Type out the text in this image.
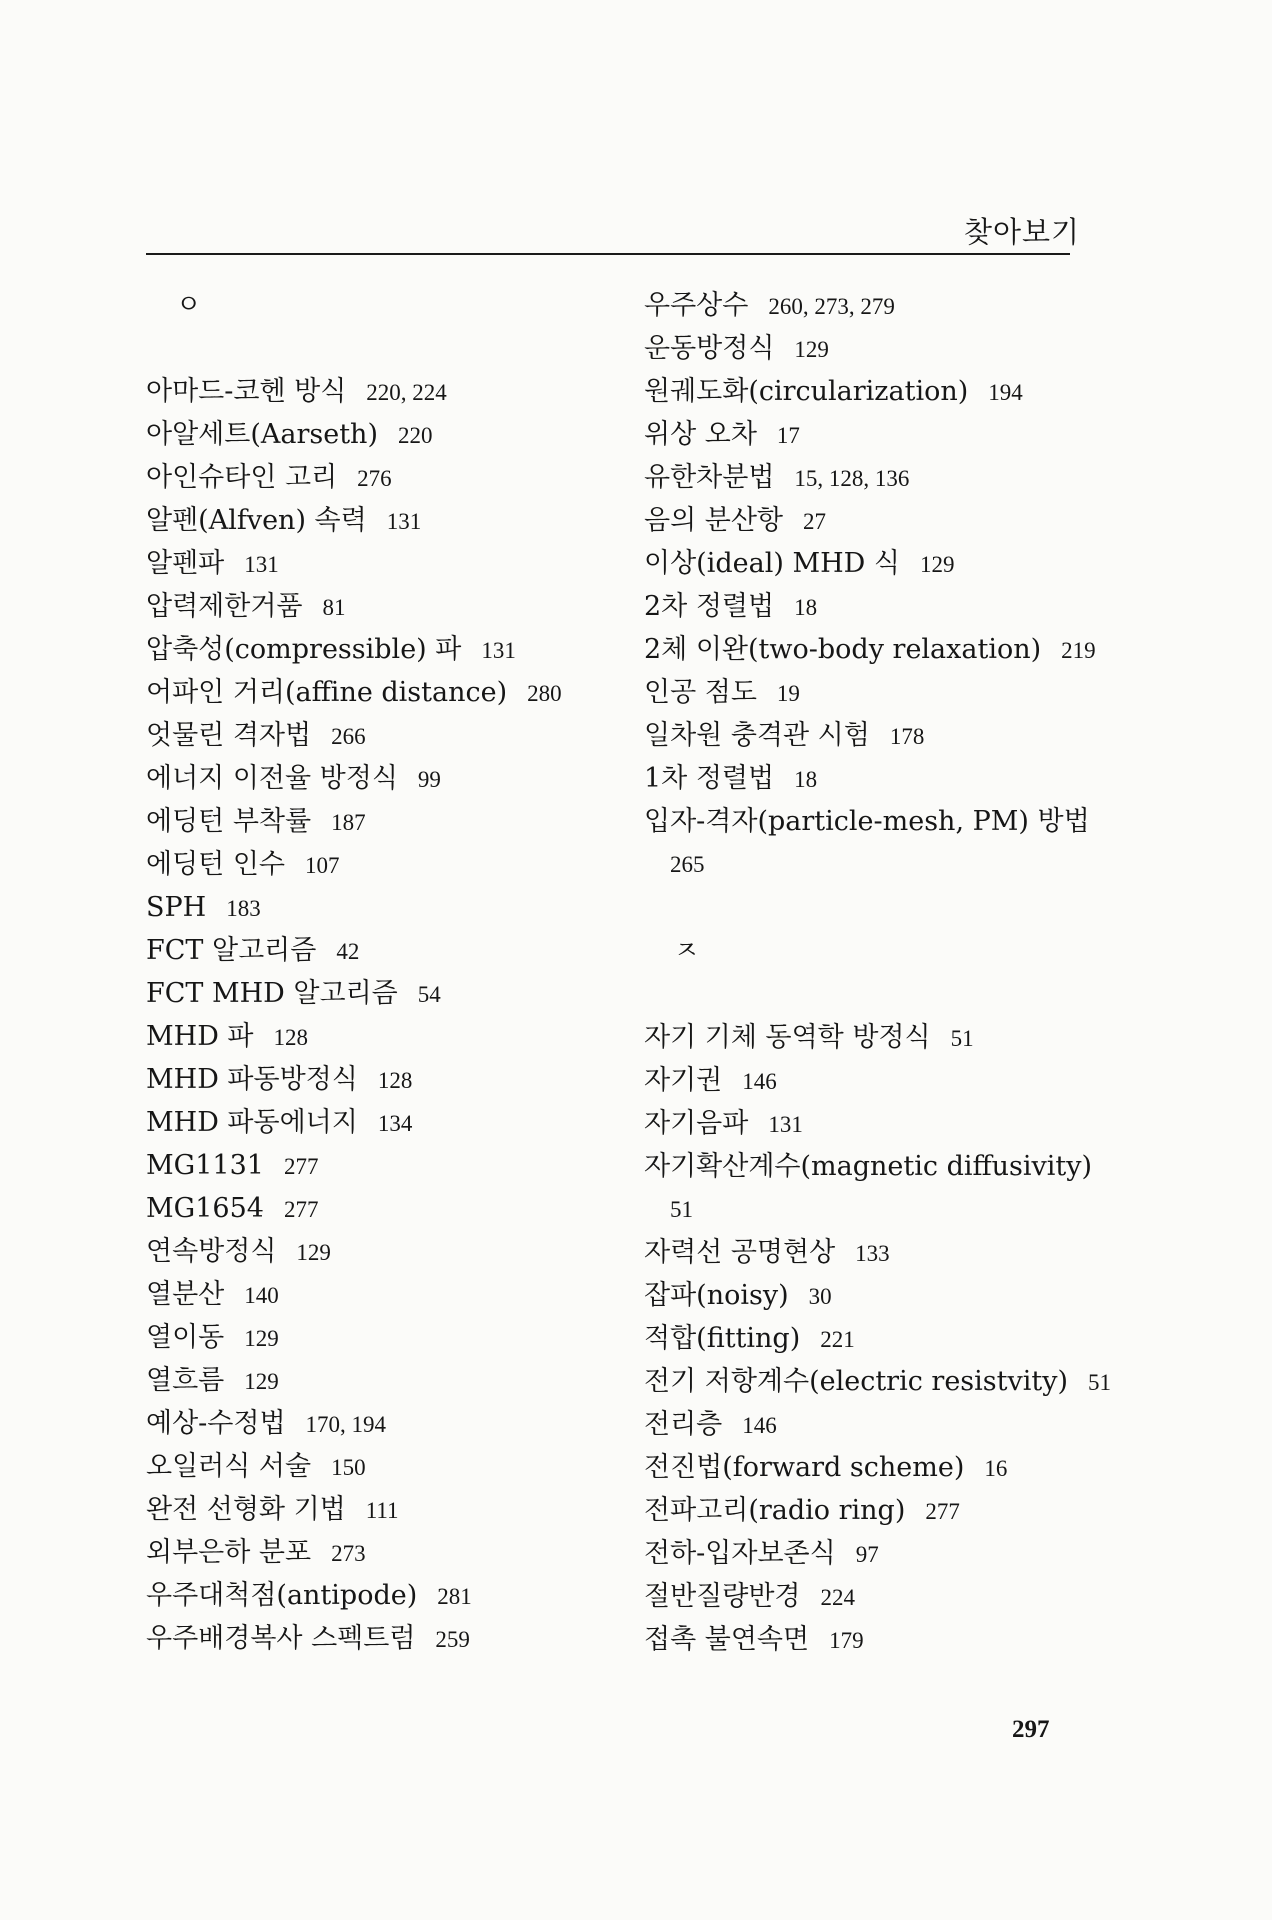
찾아보기
ㅇ
아마드-코헨 방식 220, 224
아알세트(Aarseth) 220
아인슈타인 고리 276
알펜(Alfven) 속력 131
알펜파 131
압력제한거품 81
압축성(compressible) 파 131
어파인 거리(affine distance) 280
엇물린 격자법 266
에너지 이전율 방정식 99
에딩턴 부착률 187
에딩턴 인수 107
SPH 183
FCT 알고리즘 42
FCT MHD 알고리즘 54
MHD 파 128
MHD 파동방정식 128
MHD 파동에너지 134
MG1131 277
MG1654 277
연속방정식 129
열분산 140
열이동 129
열흐름 129
예상-수정법 170, 194
오일러식 서술 150
완전 선형화 기법 111
외부은하 분포 273
우주대척점(antipode) 281
우주배경복사 스펙트럼 259
우주상수 260, 273, 279
운동방정식 129
원궤도화(circularization) 194
위상 오차 17
유한차분법 15, 128, 136
음의 분산항 27
이상(ideal) MHD 식 129
2차 정렬법 18
2체 이완(two-body relaxation) 219
인공 점도 19
일차원 충격관 시험 178
1차 정렬법 18
입자-격자(particle-mesh, PM) 방법
265
ㅈ
자기 기체 동역학 방정식 51
자기권 146
자기음파 131
자기확산계수(magnetic diffusivity)
51
자력선 공명현상 133
잡파(noisy) 30
적합(fitting) 221
전기 저항계수(electric resistvity) 51
전리층 146
전진법(forward scheme) 16
전파고리(radio ring) 277
전하-입자보존식 97
절반질량반경 224
접촉 불연속면 179
297
